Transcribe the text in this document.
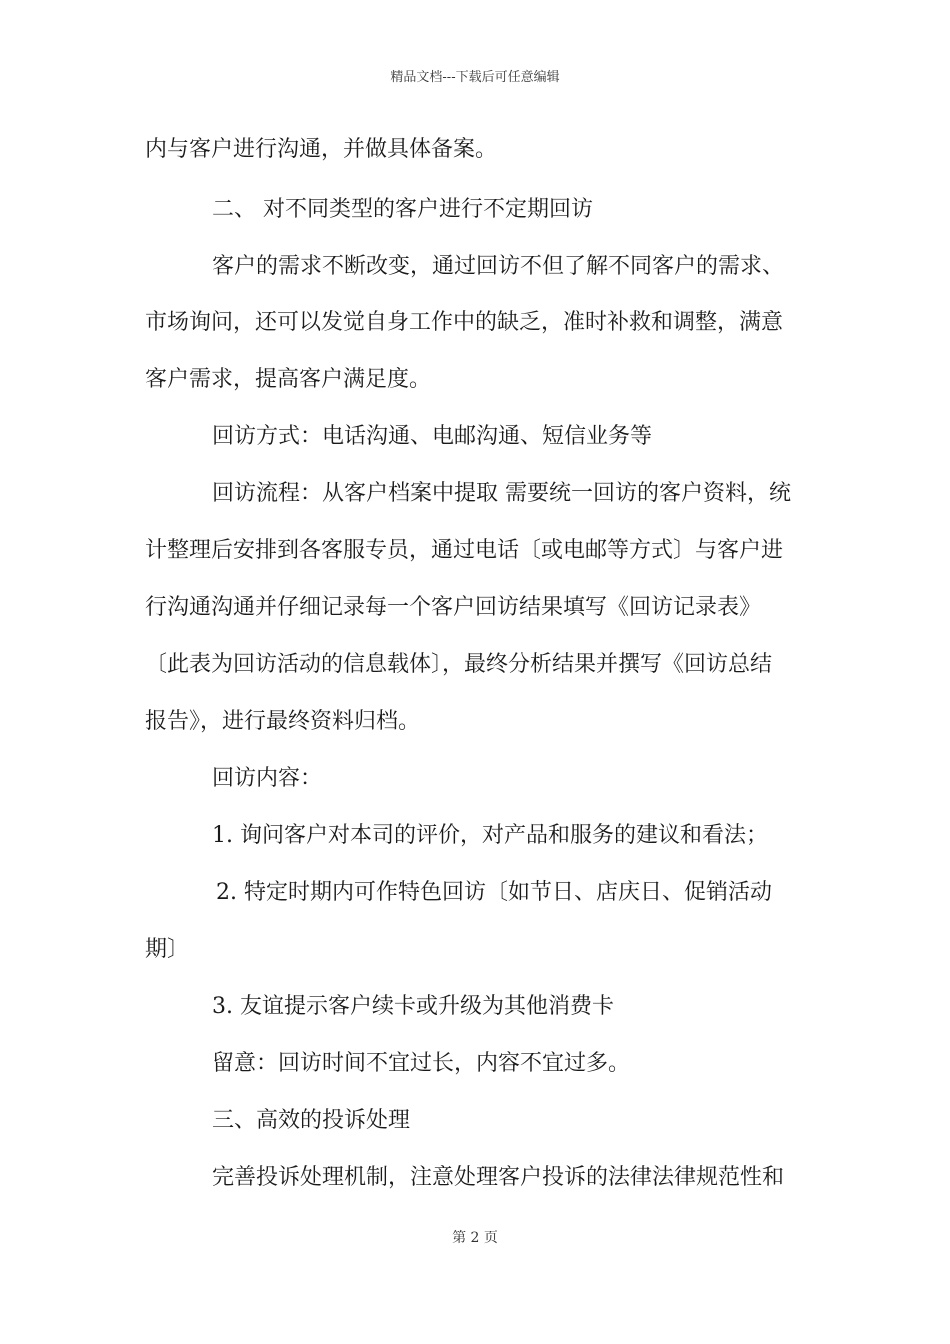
精品文档---下载后可任意编辑
内与客户进行沟通，并做具体备案。
二、 对不同类型的客户进行不定期回访
客户的需求不断改变，通过回访不但了解不同客户的需求、
市场询问，还可以发觉自身工作中的缺乏，准时补救和调整，满意
客户需求，提高客户满足度。
回访方式：电话沟通、电邮沟通、短信业务等
回访流程：从客户档案中提取 需要统一回访的客户资料，统
计整理后安排到各客服专员，通过电话〔或电邮等方式〕与客户进
行沟通沟通并仔细记录每一个客户回访结果填写《回访记录表》
〔此表为回访活动的信息载体〕，最终分析结果并撰写《回访总结
报告》，进行最终资料归档。
回访内容：
1. 询问客户对本司的评价，对产品和服务的建议和看法；
2. 特定时期内可作特色回访〔如节日、店庆日、促销活动
期〕
3. 友谊提示客户续卡或升级为其他消费卡
留意：回访时间不宜过长，内容不宜过多。
三、高效的投诉处理
完善投诉处理机制，注意处理客户投诉的法律法律规范性和
第 2 页
